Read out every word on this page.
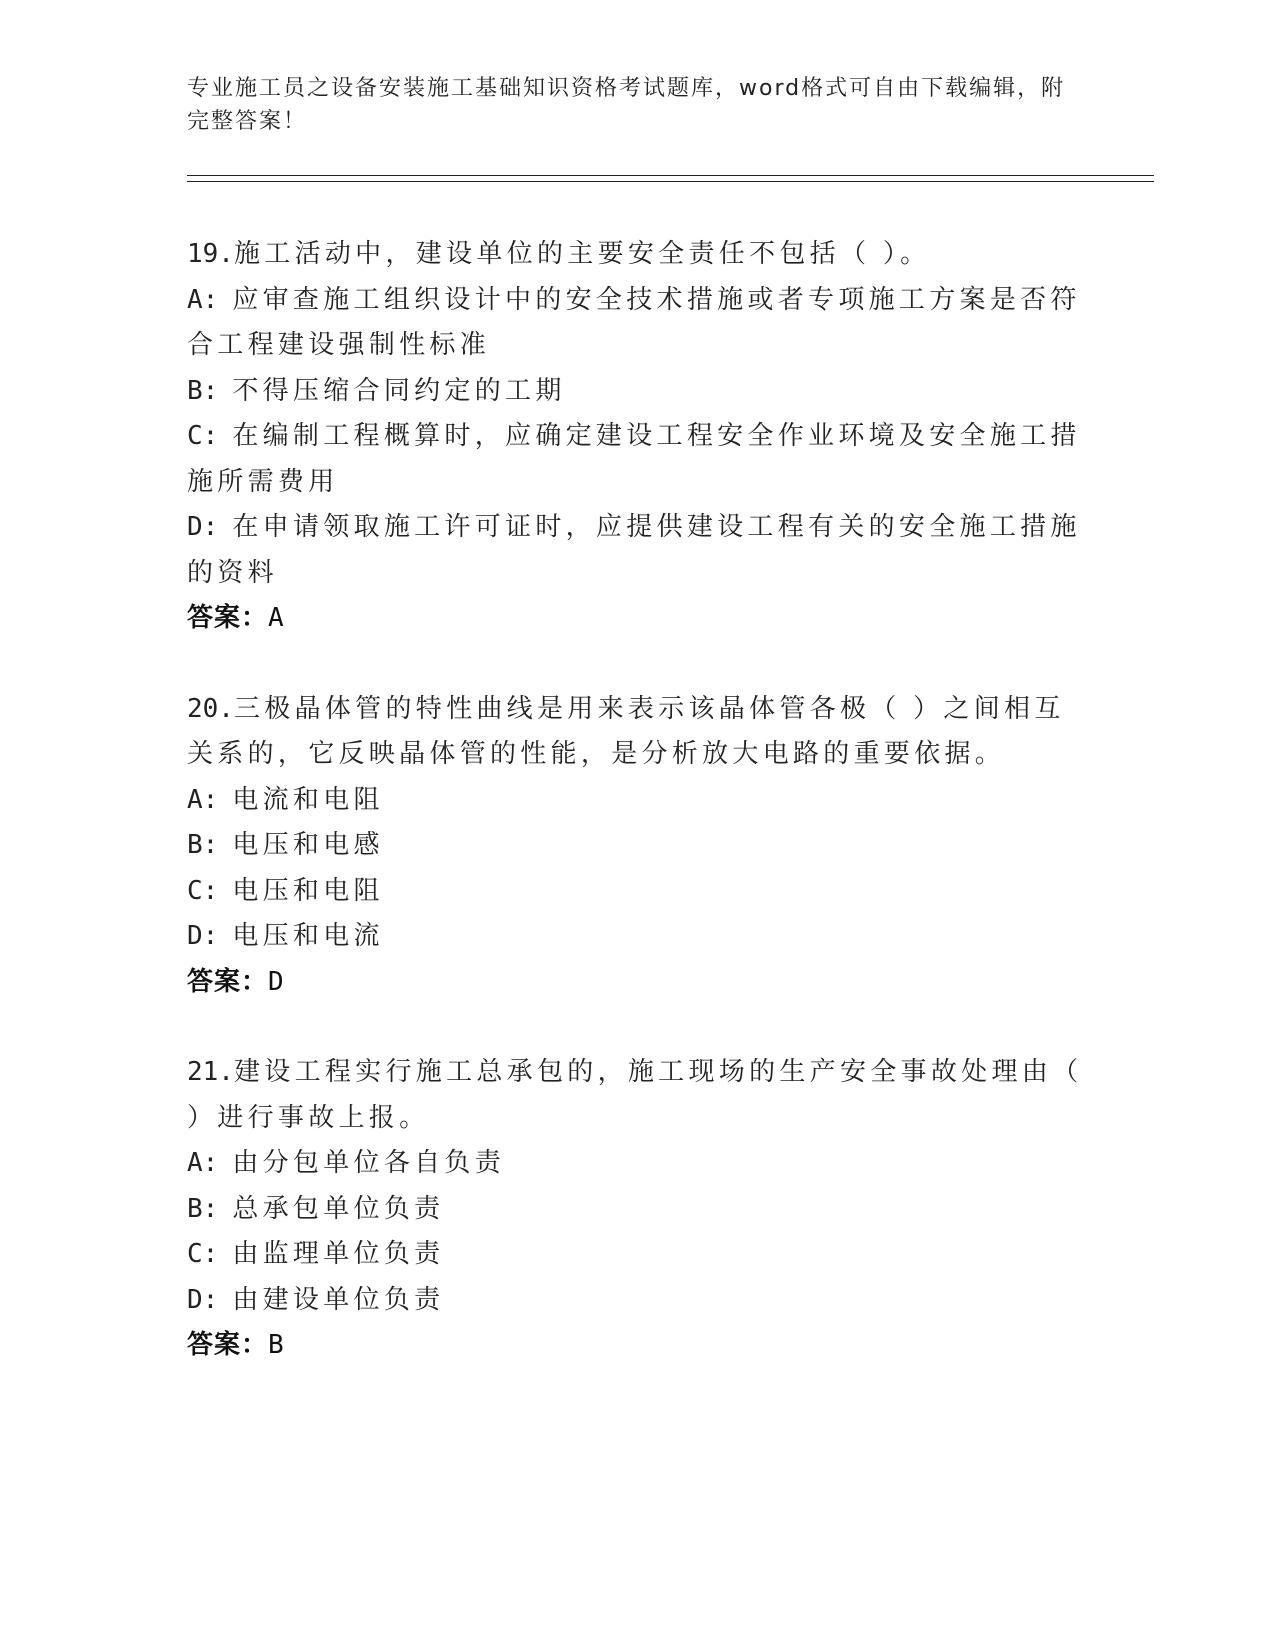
专业施工员之设备安装施工基础知识资格考试题库，word格式可自由下载编辑，附完整答案！
19.施工活动中，建设单位的主要安全责任不包括（ ）。
A: 应审查施工组织设计中的安全技术措施或者专项施工方案是否符合工程建设强制性标准
B: 不得压缩合同约定的工期
C: 在编制工程概算时，应确定建设工程安全作业环境及安全施工措施所需费用
D: 在申请领取施工许可证时，应提供建设工程有关的安全施工措施的资料
答案：A
20.三极晶体管的特性曲线是用来表示该晶体管各极（ ）之间相互关系的，它反映晶体管的性能，是分析放大电路的重要依据。
A: 电流和电阻
B: 电压和电感
C: 电压和电阻
D: 电压和电流
答案：D
21.建设工程实行施工总承包的，施工现场的生产安全事故处理由（ ）进行事故上报。
A: 由分包单位各自负责
B: 总承包单位负责
C: 由监理单位负责
D: 由建设单位负责
答案：B
